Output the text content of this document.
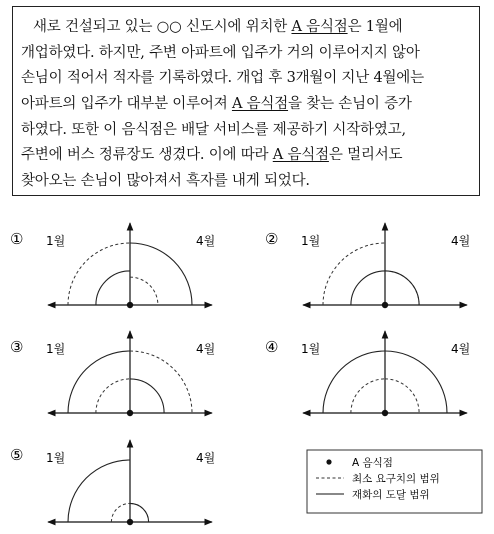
새로 건설되고 있는 ○○ 신도시에 위치한 A 음식점은 1월에
개업하였다. 하지만, 주변 아파트에 입주가 거의 이루어지지 않아
손님이 적어서 적자를 기록하였다. 개업 후 3개월이 지난 4월에는
아파트의 입주가 대부분 이루어져 A 음식점을 찾는 손님이 증가
하였다. 또한 이 음식점은 배달 서비스를 제공하기 시작하였고,
주변에 버스 정류장도 생겼다. 이에 따라 A 음식점은 멀리서도
찾아오는 손님이 많아져서 흑자를 내게 되었다.
① 1월	4월	② 1월	4월
③ 1월	4월	④ 1월	4월
⑤ 1월	4월	A 음식점
최소 요구치의 범위
재화의 도달 범위
